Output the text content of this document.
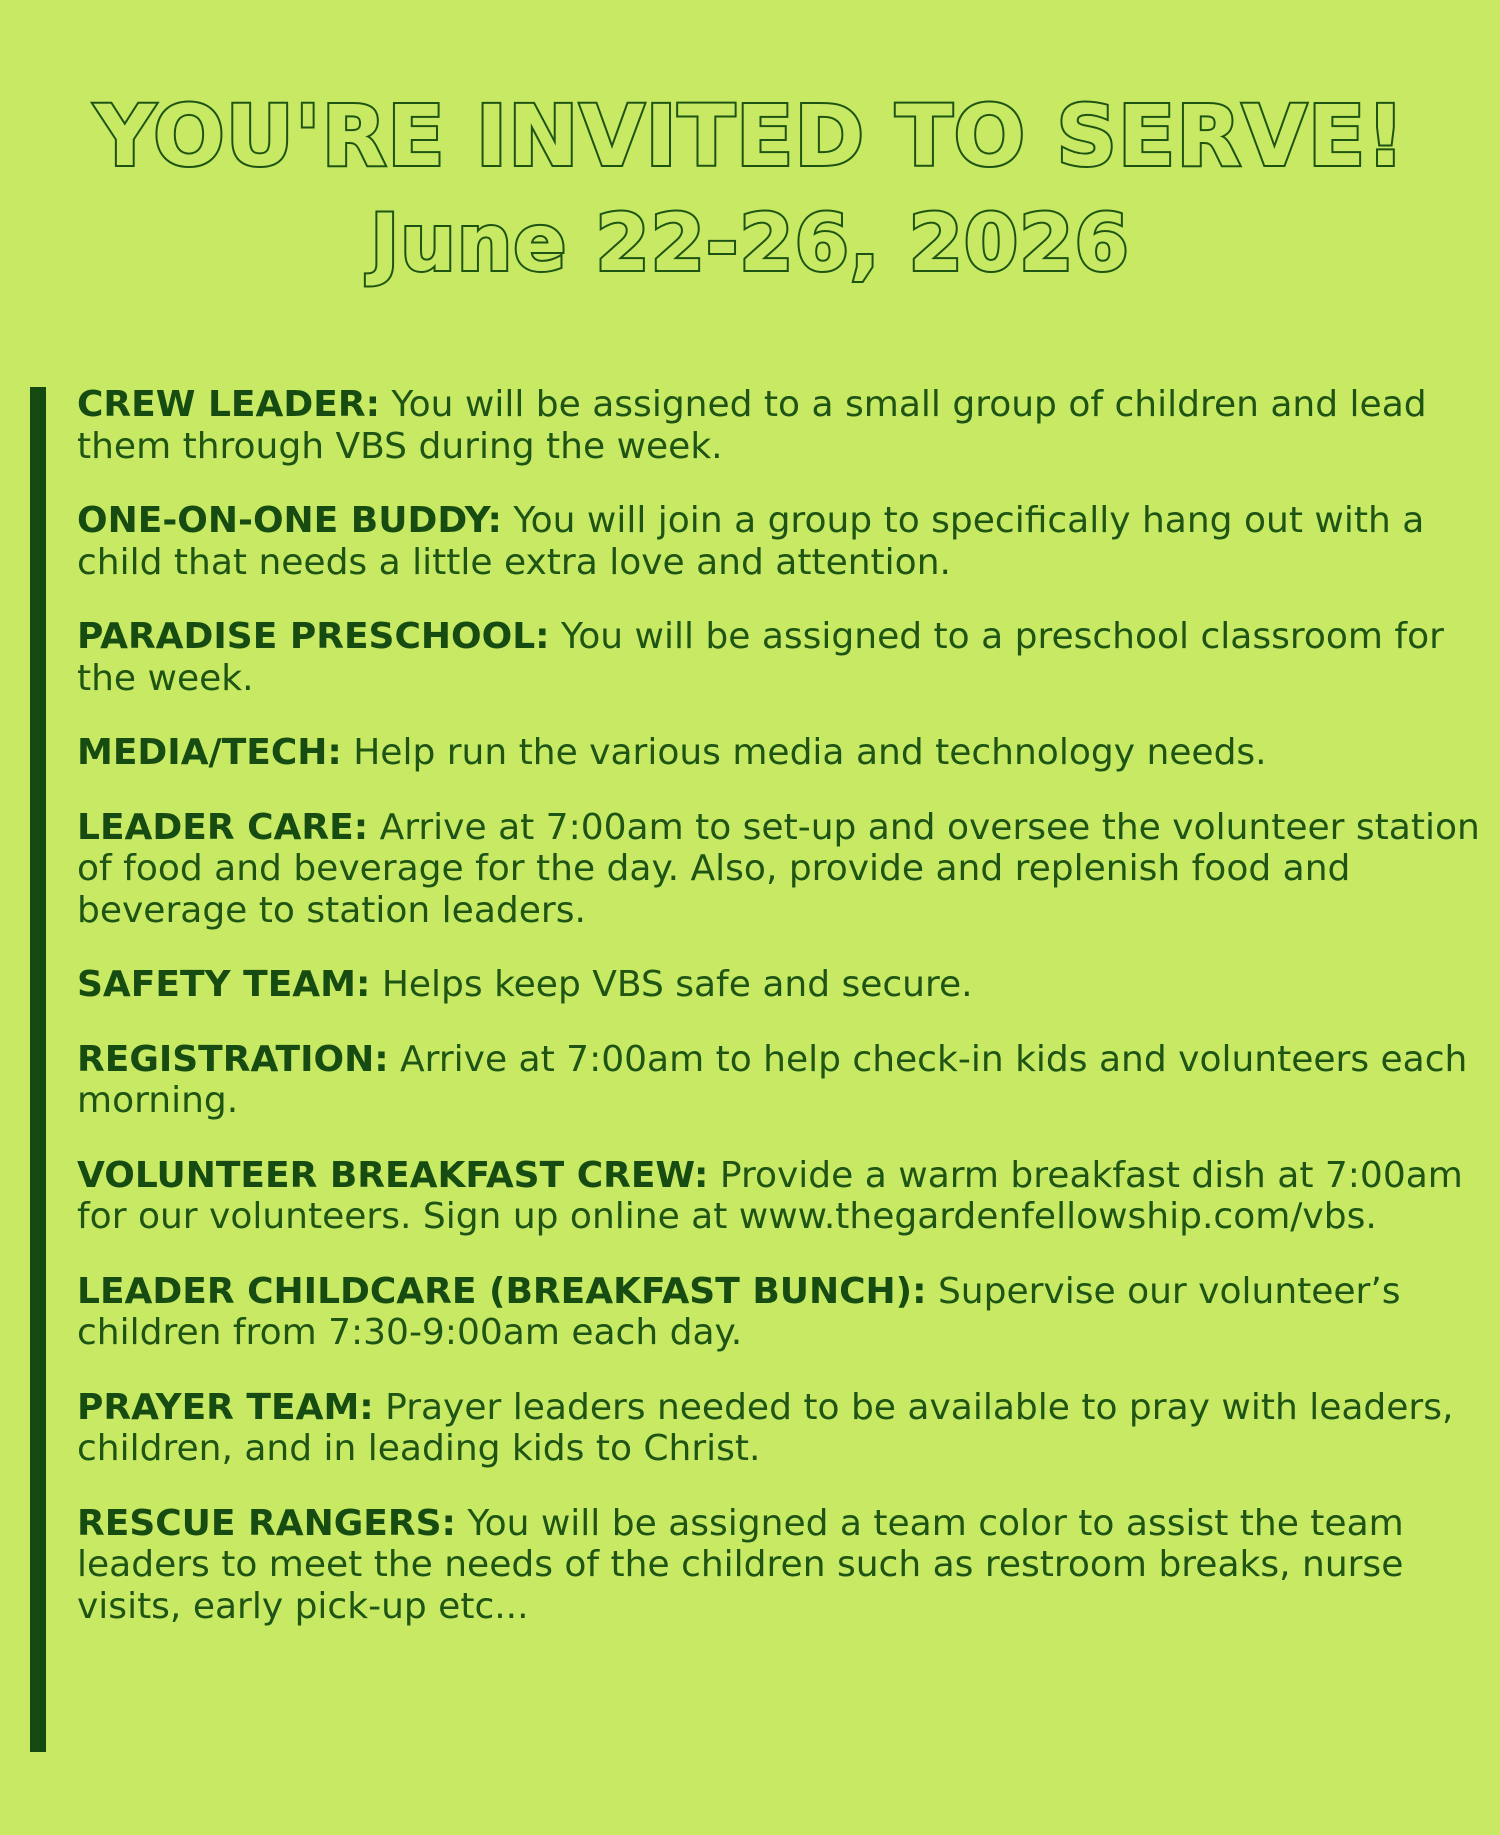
YOU'RE INVITED TO SERVE!
June 22-26, 2026
CREW LEADER: You will be assigned to a small group of children and lead them through VBS during the week.
ONE-ON-ONE BUDDY: You will join a group to specifically hang out with a child that needs a little extra love and attention.
PARADISE PRESCHOOL: You will be assigned to a preschool classroom for the week.
MEDIA/TECH: Help run the various media and technology needs.
LEADER CARE: Arrive at 7:00am to set-up and oversee the volunteer station of food and beverage for the day. Also, provide and replenish food and beverage to station leaders.
SAFETY TEAM: Helps keep VBS safe and secure.
REGISTRATION: Arrive at 7:00am to help check-in kids and volunteers each morning.
VOLUNTEER BREAKFAST CREW: Provide a warm breakfast dish at 7:00am for our volunteers. Sign up online at www.thegardenfellowship.com/vbs.
LEADER CHILDCARE (BREAKFAST BUNCH): Supervise our volunteer’s children from 7:30-9:00am each day.
PRAYER TEAM: Prayer leaders needed to be available to pray with leaders, children, and in leading kids to Christ.
RESCUE RANGERS: You will be assigned a team color to assist the team leaders to meet the needs of the children such as restroom breaks, nurse visits, early pick-up etc...
